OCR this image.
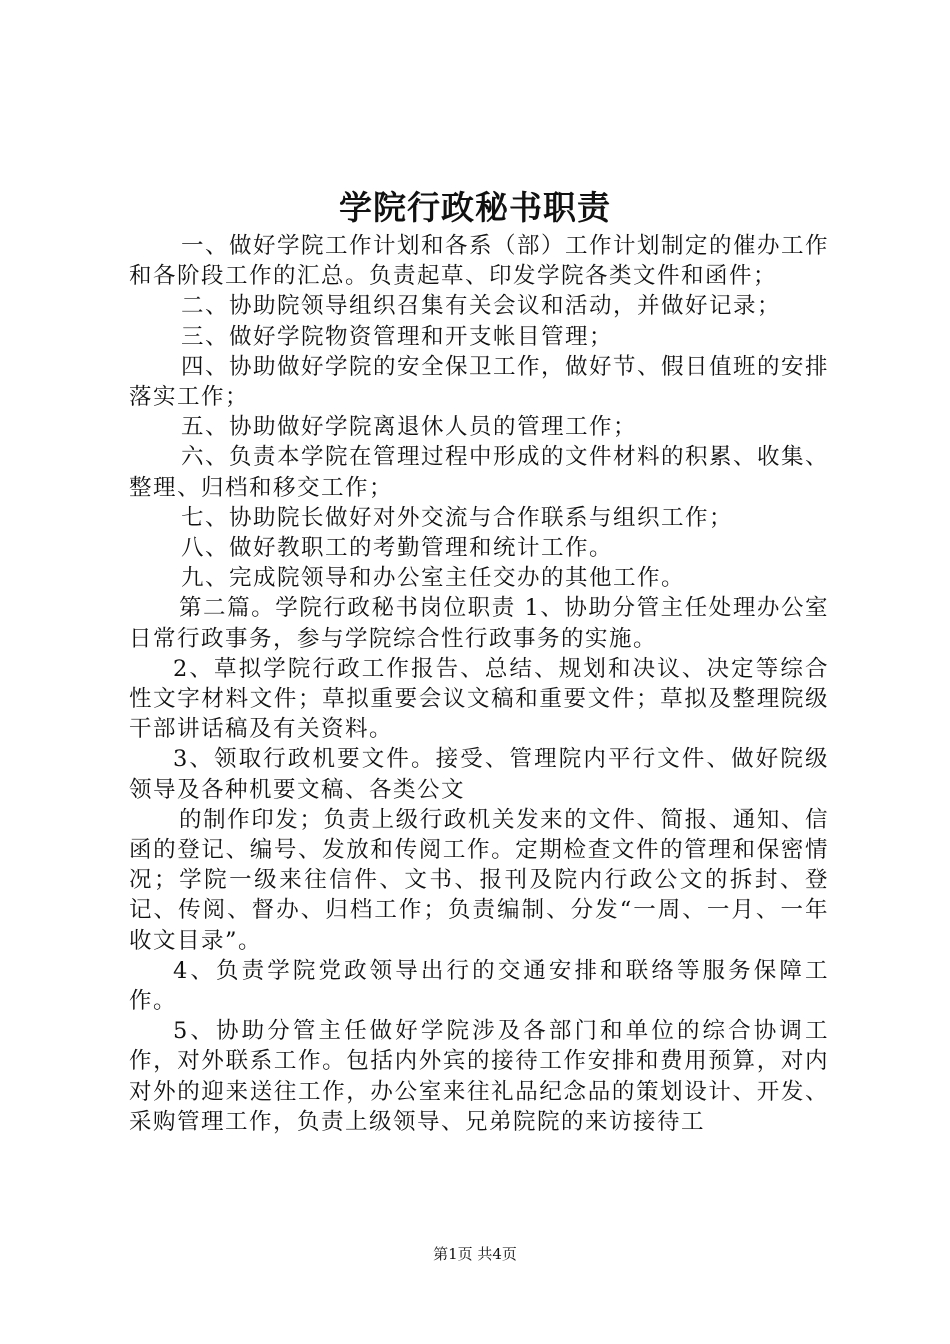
学院行政秘书职责

一、做好学院工作计划和各系（部）工作计划制定的催办工作和各阶段工作的汇总。负责起草、印发学院各类文件和函件；

二、协助院领导组织召集有关会议和活动，并做好记录；

三、做好学院物资管理和开支帐目管理；

四、协助做好学院的安全保卫工作，做好节、假日值班的安排落实工作；

五、协助做好学院离退休人员的管理工作；

六、负责本学院在管理过程中形成的文件材料的积累、收集、整理、归档和移交工作；

七、协助院长做好对外交流与合作联系与组织工作；

八、做好教职工的考勤管理和统计工作。

九、完成院领导和办公室主任交办的其他工作。

第二篇。学院行政秘书岗位职责 1、协助分管主任处理办公室日常行政事务，参与学院综合性行政事务的实施。

2、草拟学院行政工作报告、总结、规划和决议、决定等综合性文字材料文件；草拟重要会议文稿和重要文件；草拟及整理院级干部讲话稿及有关资料。

3、领取行政机要文件。接受、管理院内平行文件、做好院级领导及各种机要文稿、各类公文

的制作印发；负责上级行政机关发来的文件、简报、通知、信函的登记、编号、发放和传阅工作。定期检查文件的管理和保密情况；学院一级来往信件、文书、报刊及院内行政公文的拆封、登记、传阅、督办、归档工作；负责编制、分发“一周、一月、一年收文目录”。

4、负责学院党政领导出行的交通安排和联络等服务保障工作。

5、协助分管主任做好学院涉及各部门和单位的综合协调工作，对外联系工作。包括内外宾的接待工作安排和费用预算，对内对外的迎来送往工作，办公室来往礼品纪念品的策划设计、开发、采购管理工作，负责上级领导、兄弟院院的来访接待工

第1页 共4页
